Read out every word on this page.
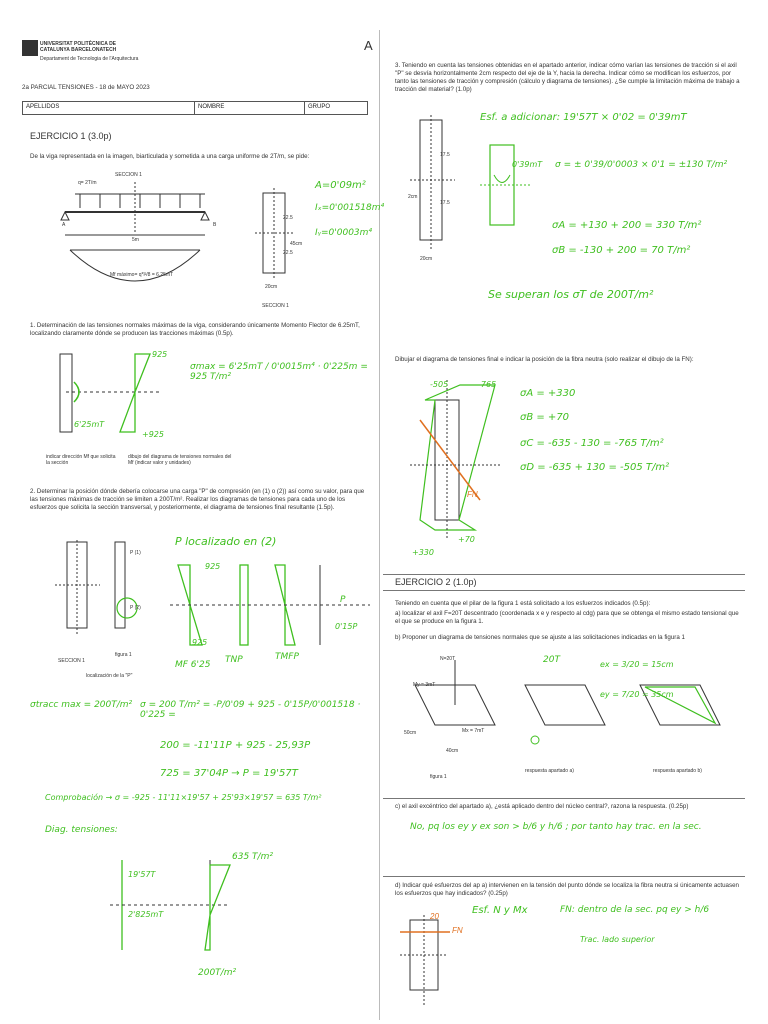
UNIVERSITAT POLITÈCNICA DE CATALUNYA BARCELONATECH
Departament de Tecnologia de l'Arquitectura
A
2a PARCIAL TENSIONES - 18 de MAYO 2023
APELLIDOS	NOMBRE	GRUPO
EJERCICIO 1 (3.0p)
De la viga representada en la imagen, biarticulada y sometida a una carga uniforme de 2T/m, se pide:
q= 2T/m
SECCION 1
5m
A	B
Mf máximo= q*l²/8 = 6.25mT
22.5
22.5
45cm
20cm
SECCION 1
A=0'09m²
Iₓ=0'001518m⁴
Iᵧ=0'0003m⁴
1. Determinación de las tensiones normales máximas de la viga, considerando únicamente Momento Flector de 6.25mT, localizando claramente dónde se producen las tracciones máximas (0.5p).
σmax = 6'25mT / 0'0015m⁴ · 0'225m = 925 T/m²
925
+925
6'25mT
indicar dirección Mf que solicita la sección
dibujo del diagrama de tensiones normales del Mf (indicar valor y unidades)
2. Determinar la posición dónde debería colocarse una carga "P" de compresión (en (1) o (2)) así como su valor, para que las tensiones máximas de tracción se limiten a 200T/m². Realizar los diagramas de tensiones para cada uno de los esfuerzos que solicita la sección transversal, y posteriormente, el diagrama de tensiones final resultante (1.5p).
SECCION 1
figura 1
localización de la "P"
P (1)
P (2)
P localizado en (2)
925
925
MF 6'25 TNP	TMFP
P
0'15P
σtracc max = 200T/m² σ = 200 T/m² = -P/0'09 + 925 - 0'15P/0'001518 · 0'225 =
200 = -11'11P + 925 - 25,93P
725 = 37'04P → P = 19'57T
Comprobación → σ = -925 - 11'11×19'57 + 25'93×19'57 = 635 T/m²
Diag. tensiones:
635 T/m²
19'57T
2'825mT
200T/m²
3. Teniendo en cuenta las tensiones obtenidas en el apartado anterior, indicar cómo varían las tensiones de tracción si el axil "P" se desvía horizontalmente 2cm respecto del eje de la Y, hacia la derecha. Indicar cómo se modifican los esfuerzos, por tanto las tensiones de tracción y compresión (cálculo y diagrama de tensiones). ¿Se cumple la limitación máxima de trabajo a tracción del material? (1.0p)
17.5
17.5
2cm
20cm
Esf. a adicionar: 19'57T × 0'02 = 0'39mT
0'39mT σ = ± 0'39/0'0003 × 0'1 = ±130 T/m²
σA = +130 + 200 = 330 T/m²
σB = -130 + 200 = 70 T/m²
Se superan los σT de 200T/m²
Dibujar el diagrama de tensiones final e indicar la posición de la fibra neutra (solo realizar el dibujo de la FN):
-505	-765
+330
+70
FN
σA = +330
σB = +70
σC = -635 - 130 = -765 T/m²
σD = -635 + 130 = -505 T/m²
EJERCICIO 2 (1.0p)
Teniendo en cuenta que el pilar de la figura 1 está solicitado a los esfuerzos indicados (0.5p):
a) localizar el axil F=20T descentrado (coordenada x e y respecto al cdg) para que se obtenga el mismo estado tensional que el que se produce en la figura 1.
b) Proponer un diagrama de tensiones normales que se ajuste a las solicitaciones indicadas en la figura 1
N=20T
My = 3mT
Mx = 7mT
50cm
40cm
figura 1
respuesta apartado a)	respuesta apartado b)
20T	ex = 3/20 = 15cm
ey = 7/20 = 35cm
c) el axil excéntrico del apartado a), ¿está aplicado dentro del núcleo central?, razona la respuesta. (0.25p)
No, pq los ey y ex son > b/6 y h/6 ; por tanto hay trac. en la sec.
d) Indicar qué esfuerzos del ap a) intervienen en la tensión del punto dónde se localiza la fibra neutra si únicamente actuasen los esfuerzos que hay indicados? (0.25p)
20
FN
Esf. N y Mx	FN: dentro de la sec. pq ey > h/6
Trac. lado superior
